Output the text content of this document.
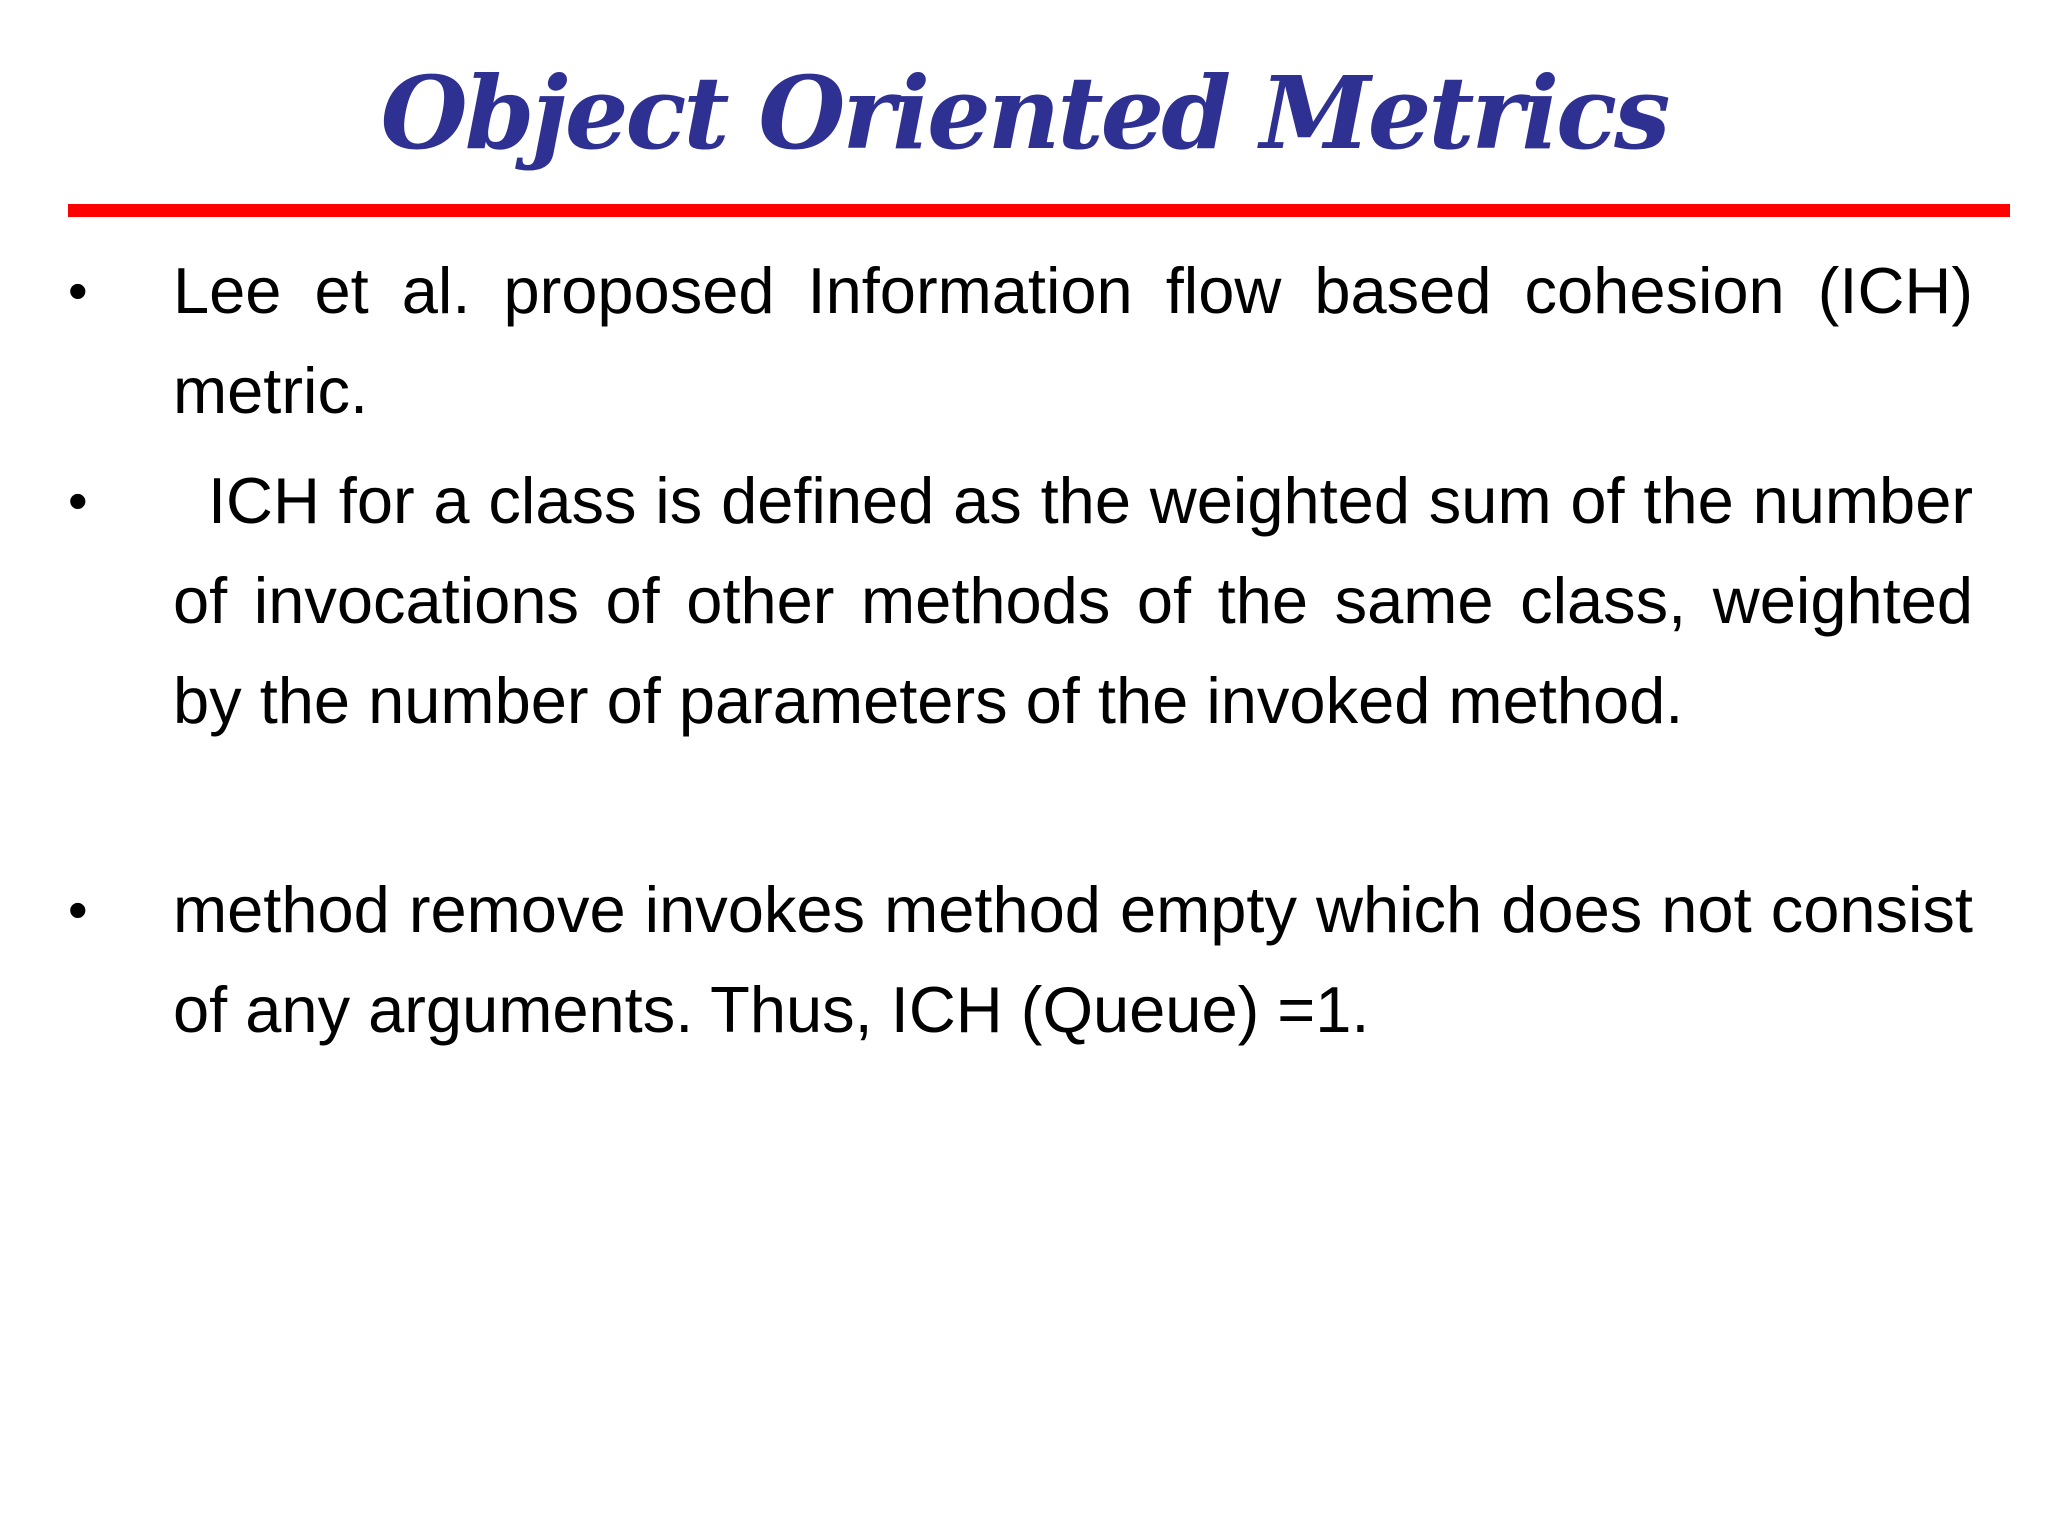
Object Oriented Metrics
• Lee et al. proposed Information flow based cohesion (ICH) metric.
•	ICH for a class is defined as the weighted sum of the number of invocations of other methods of the same class, weighted by the number of parameters of the invoked method.
• method remove invokes method empty which does not consist of any arguments. Thus, ICH (Queue) =1.
